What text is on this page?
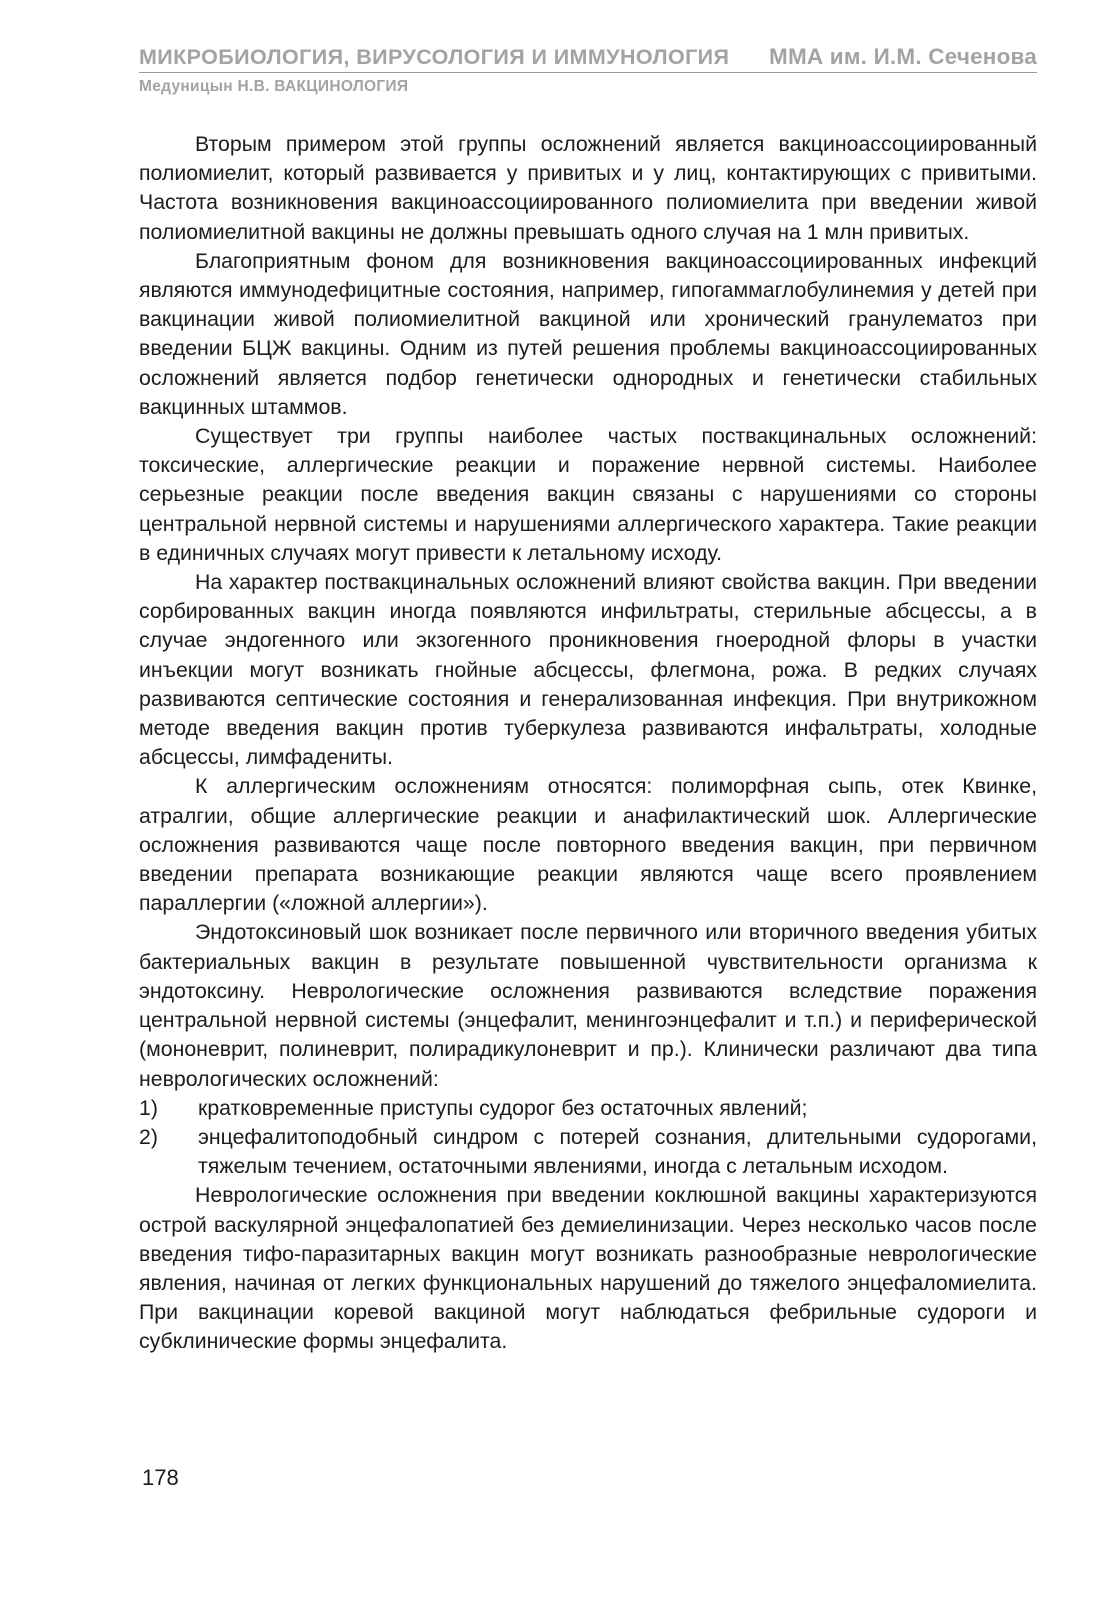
МИКРОБИОЛОГИЯ, ВИРУСОЛОГИЯ И ИММУНОЛОГИЯ ММА им. И.М. Сеченова
Медуницын Н.В. ВАКЦИНОЛОГИЯ

Вторым примером этой группы осложнений является вакциноассоциированный полиомиелит, который развивается у привитых и у лиц, контактирующих с привитыми. Частота возникновения вакциноассоциированного полиомиелита при введении живой полиомиелитной вакцины не должны превышать одного случая на 1 млн привитых.

Благоприятным фоном для возникновения вакциноассоциированных инфекций являются иммунодефицитные состояния, например, гипогаммаглобулинемия у детей при вакцинации живой полиомиелитной вакциной или хронический гранулематоз при введении БЦЖ вакцины. Одним из путей решения проблемы вакциноассоциированных осложнений является подбор генетически однородных и генетически стабильных вакцинных штаммов.

Существует три группы наиболее частых поствакцинальных осложнений: токсические, аллергические реакции и поражение нервной системы. Наиболее серьезные реакции после введения вакцин связаны с нарушениями со стороны центральной нервной системы и нарушениями аллергического характера. Такие реакции в единичных случаях могут привести к летальному исходу.

На характер поствакцинальных осложнений влияют свойства вакцин. При введении сорбированных вакцин иногда появляются инфильтраты, стерильные абсцессы, а в случае эндогенного или экзогенного проникновения гноеродной флоры в участки инъекции могут возникать гнойные абсцессы, флегмона, рожа. В редких случаях развиваются септические состояния и генерализованная инфекция. При внутрикожном методе введения вакцин против туберкулеза развиваются инфальтраты, холодные абсцессы, лимфадениты.

К аллергическим осложнениям относятся: полиморфная сыпь, отек Квинке, атралгии, общие аллергические реакции и анафилактический шок. Аллергические осложнения развиваются чаще после повторного введения вакцин, при первичном введении препарата возникающие реакции являются чаще всего проявлением параллергии («ложной аллергии»).

Эндотоксиновый шок возникает после первичного или вторичного введения убитых бактериальных вакцин в результате повышенной чувствительности организма к эндотоксину. Неврологические осложнения развиваются вследствие поражения центральной нервной системы (энцефалит, менингоэнцефалит и т.п.) и периферической (мононеврит, полиневрит, полирадикулоневрит и пр.). Клинически различают два типа неврологических осложнений:

1)	кратковременные приступы судорог без остаточных явлений;
2)	энцефалитоподобный синдром с потерей сознания, длительными судорогами, тяжелым течением, остаточными явлениями, иногда с летальным исходом.

Неврологические осложнения при введении коклюшной вакцины характеризуются острой васкулярной энцефалопатией без демиелинизации. Через несколько часов после введения тифо-паразитарных вакцин могут возникать разнообразные неврологические явления, начиная от легких функциональных нарушений до тяжелого энцефаломиелита. При вакцинации коревой вакциной могут наблюдаться фебрильные судороги и субклинические формы энцефалита.

178
